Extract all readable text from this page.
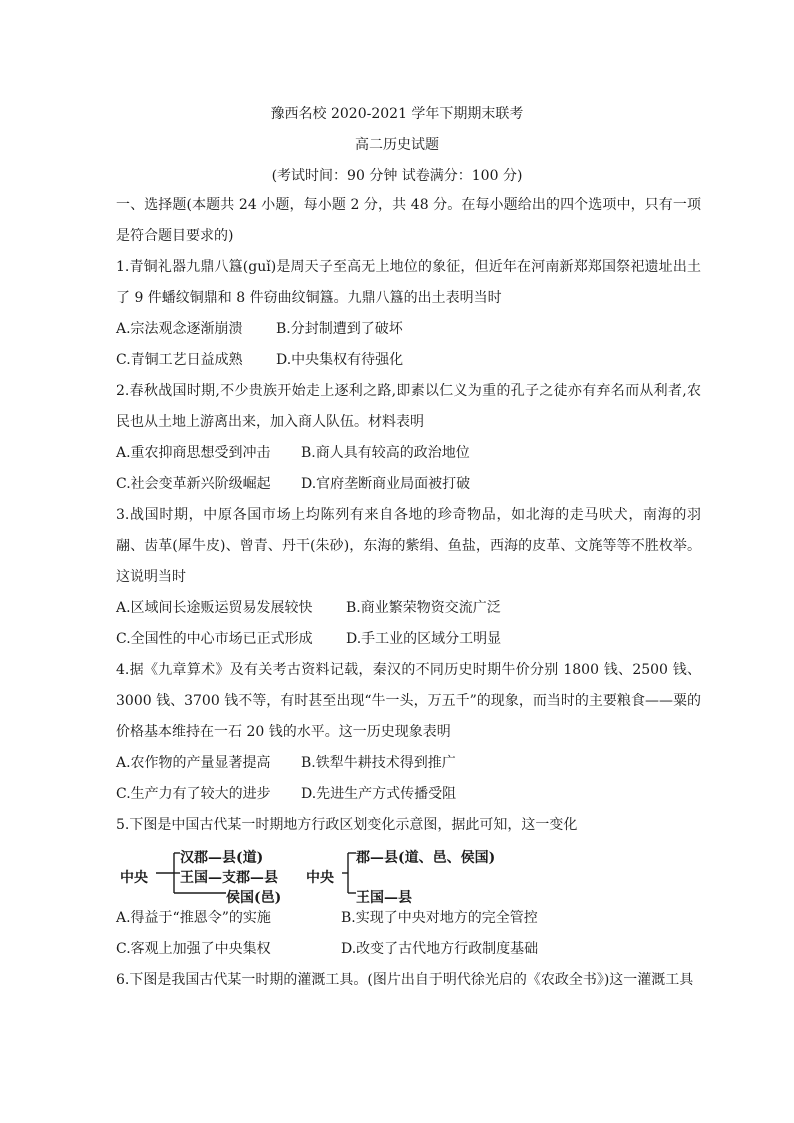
豫西名校 2020-2021 学年下期期末联考
高二历史试题
(考试时间：90 分钟 试卷满分：100 分)

一、选择题(本题共 24 小题，每小题 2 分，共 48 分。在每小题给出的四个选项中，只有一项是符合题目要求的)

1.青铜礼器九鼎八簋(guǐ)是周天子至高无上地位的象征，但近年在河南新郑郑国祭祀遗址出土了 9 件蟠纹铜鼎和 8 件窃曲纹铜簋。九鼎八簋的出土表明当时

A.宗法观念逐渐崩溃	B.分封制遭到了破坏
C.青铜工艺日益成熟	D.中央集权有待强化

2.春秋战国时期,不少贵族开始走上逐利之路,即素以仁义为重的孔子之徒亦有弃名而从利者,农民也从土地上游离出来，加入商人队伍。材料表明

A.重农抑商思想受到冲击	B.商人具有较高的政治地位
C.社会变革新兴阶级崛起	D.官府垄断商业局面被打破

3.战国时期，中原各国市场上均陈列有来自各地的珍奇物品，如北海的走马吠犬，南海的羽翮、齿革(犀牛皮)、曾青、丹干(朱砂)，东海的紫绢、鱼盐，西海的皮革、文旄等等不胜枚举。这说明当时

A.区域间长途贩运贸易发展较快	B.商业繁荣物资交流广泛
C.全国性的中心市场已正式形成	D.手工业的区域分工明显

4.据《九章算术》及有关考古资料记载，秦汉的不同历史时期牛价分别 1800 钱、2500 钱、3000 钱、3700 钱不等，有时甚至出现“牛一头，万五千”的现象，而当时的主要粮食——粟的价格基本维持在一石 20 钱的水平。这一历史现象表明

A.农作物的产量显著提高	B.铁犁牛耕技术得到推广
C.生产力有了较大的进步	D.先进生产方式传播受阻

5.下图是中国古代某一时期地方行政区划变化示意图，据此可知，这一变化

中央
汉郡—县(道)
王国—支郡—县
侯国(邑)
中央
郡—县(道、邑、侯国)
王国—县
A.得益于“推恩令”的实施	B.实现了中央对地方的完全管控
C.客观上加强了中央集权	D.改变了古代地方行政制度基础

6.下图是我国古代某一时期的灌溉工具。(图片出自于明代徐光启的《农政全书》)这一灌溉工具
